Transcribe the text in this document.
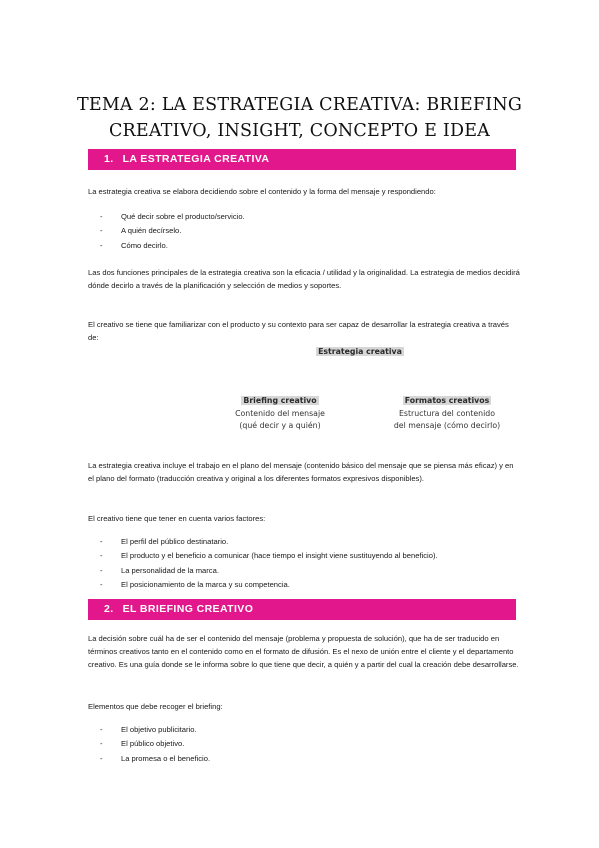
TEMA 2: LA ESTRATEGIA CREATIVA: BRIEFING
CREATIVO, INSIGHT, CONCEPTO E IDEA
1. LA ESTRATEGIA CREATIVA
La estrategia creativa se elabora decidiendo sobre el contenido y la forma del mensaje y respondiendo:
- Qué decir sobre el producto/servicio.
- A quién decírselo.
- Cómo decirlo.
Las dos funciones principales de la estrategia creativa son la eficacia / utilidad y la originalidad. La estrategia de medios decidirá dónde decirlo a través de la planificación y selección de medios y soportes.
El creativo se tiene que familiarizar con el producto y su contexto para ser capaz de desarrollar la estrategia creativa a través de:
Estrategia creativa
Briefing creativo
Contenido del mensaje
(qué decir y a quién)
Formatos creativos
Estructura del contenido
del mensaje (cómo decirlo)
La estrategia creativa incluye el trabajo en el plano del mensaje (contenido básico del mensaje que se piensa más eficaz) y en el plano del formato (traducción creativa y original a los diferentes formatos expresivos disponibles).
El creativo tiene que tener en cuenta varios factores:
- El perfil del público destinatario.
- El producto y el beneficio a comunicar (hace tiempo el insight viene sustituyendo al beneficio).
- La personalidad de la marca.
- El posicionamiento de la marca y su competencia.
2. EL BRIEFING CREATIVO
La decisión sobre cuál ha de ser el contenido del mensaje (problema y propuesta de solución), que ha de ser traducido en términos creativos tanto en el contenido como en el formato de difusión. Es el nexo de unión entre el cliente y el departamento creativo. Es una guía donde se le informa sobre lo que tiene que decir, a quién y a partir del cual la creación debe desarrollarse.
Elementos que debe recoger el briefing:
- El objetivo publicitario.
- El público objetivo.
- La promesa o el beneficio.
